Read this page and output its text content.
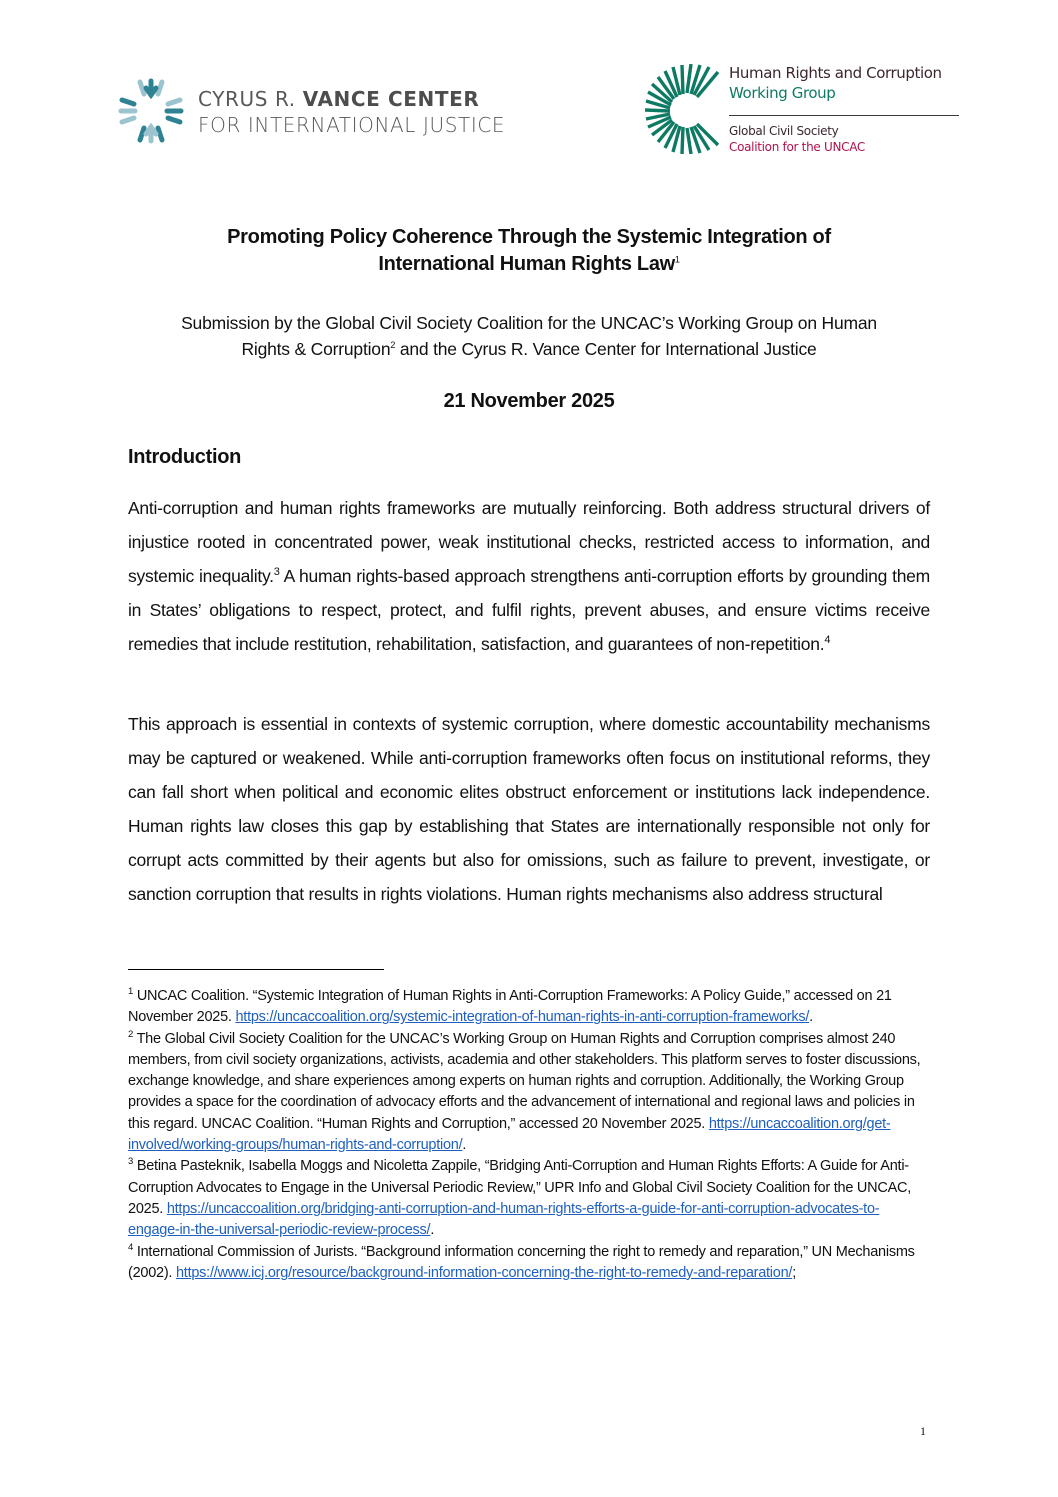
CYRUS R. VANCE CENTER
FOR INTERNATIONAL JUSTICE
Human Rights and Corruption
Working Group
Global Civil Society
Coalition for the UNCAC
Promoting Policy Coherence Through the Systemic Integration of
International Human Rights Law$^1$
Submission by the Global Civil Society Coalition for the UNCAC’s Working Group on Human
Rights & Corruption$^2$ and the Cyrus R. Vance Center for International Justice
21 November 2025
Introduction
Anti-corruption and human rights frameworks are mutually reinforcing. Both address structural drivers of injustice rooted in concentrated power, weak institutional checks, restricted access to information, and systemic inequality.$^3$ A human rights-based approach strengthens anti-corruption efforts by grounding them in States’ obligations to respect, protect, and fulfil rights, prevent abuses, and ensure victims receive remedies that include restitution, rehabilitation, satisfaction, and guarantees of non-repetition.$^4$
This approach is essential in contexts of systemic corruption, where domestic accountability mechanisms may be captured or weakened. While anti-corruption frameworks often focus on institutional reforms, they can fall short when political and economic elites obstruct enforcement or institutions lack independence. Human rights law closes this gap by establishing that States are internationally responsible not only for corrupt acts committed by their agents but also for omissions, such as failure to prevent, investigate, or sanction corruption that results in rights violations. Human rights mechanisms also address structural

$^1$ UNCAC Coalition. “Systemic Integration of Human Rights in Anti-Corruption Frameworks: A Policy Guide,” accessed on 21 November 2025. https://uncaccoalition.org/systemic-integration-of-human-rights-in-anti-corruption-frameworks/.

$^2$ The Global Civil Society Coalition for the UNCAC’s Working Group on Human Rights and Corruption comprises almost 240 members, from civil society organizations, activists, academia and other stakeholders. This platform serves to foster discussions, exchange knowledge, and share experiences among experts on human rights and corruption. Additionally, the Working Group provides a space for the coordination of advocacy efforts and the advancement of international and regional laws and policies in this regard. UNCAC Coalition. “Human Rights and Corruption,” accessed 20 November 2025. https://uncaccoalition.org/get-involved/working-groups/human-rights-and-corruption/.

$^3$ Betina Pasteknik, Isabella Moggs and Nicoletta Zappile, “Bridging Anti-Corruption and Human Rights Efforts: A Guide for Anti-Corruption Advocates to Engage in the Universal Periodic Review,” UPR Info and Global Civil Society Coalition for the UNCAC, 2025. https://uncaccoalition.org/bridging-anti-corruption-and-human-rights-efforts-a-guide-for-anti-corruption-advocates-to-engage-in-the-universal-periodic-review-process/.

$^4$ International Commission of Jurists. “Background information concerning the right to remedy and reparation,” UN Mechanisms (2002). https://www.icj.org/resource/background-information-concerning-the-right-to-remedy-and-reparation/;

1
